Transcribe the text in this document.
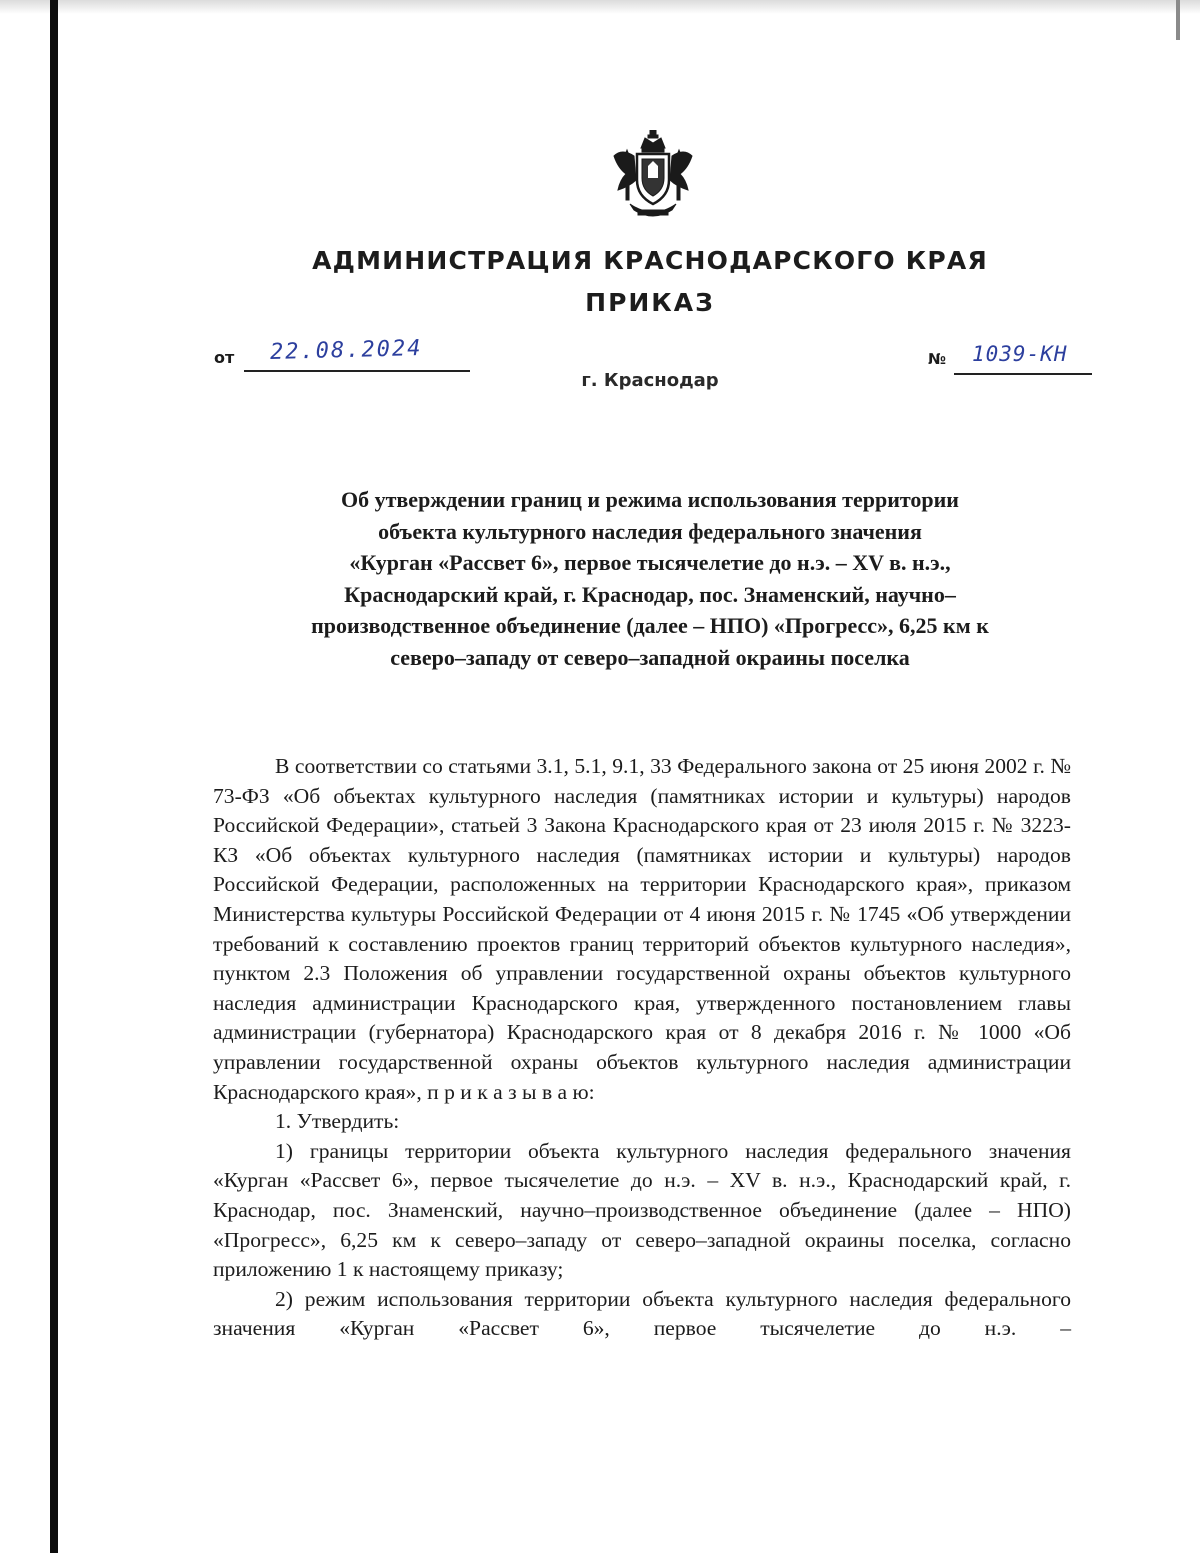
АДМИНИСТРАЦИЯ КРАСНОДАРСКОГО КРАЯ
ПРИКАЗ
от 22.08.2024	№ 1039-КН
г. Краснодар
Об утверждении границ и режима использования территории
объекта культурного наследия федерального значения
«Курган «Рассвет 6», первое тысячелетие до н.э. – XV в. н.э.,
Краснодарский край, г. Краснодар, пос. Знаменский, научно–
производственное объединение (далее – НПО) «Прогресс», 6,25 км к
северо–западу от северо–западной окраины поселка

В соответствии со статьями 3.1, 5.1, 9.1, 33 Федерального закона от 25 июня 2002 г. № 73-ФЗ «Об объектах культурного наследия (памятниках истории и культуры) народов Российской Федерации», статьей 3 Закона Краснодарского края от 23 июля 2015 г. № 3223-КЗ «Об объектах культурного наследия (памятниках истории и культуры) народов Российской Федерации, расположенных на территории Краснодарского края», приказом Министерства культуры Российской Федерации от 4 июня 2015 г. № 1745 «Об утверждении требований к составлению проектов границ территорий объектов культурного наследия», пунктом 2.3 Положения об управлении государственной охраны объектов культурного наследия администрации Краснодарского края, утвержденного постановлением главы администрации (губернатора) Краснодарского края от 8 декабря 2016 г. № 1000 «Об управлении государственной охраны объектов культурного наследия администрации Краснодарского края», п р и к а з ы в а ю:

1. Утвердить:

1) границы территории объекта культурного наследия федерального значения «Курган «Рассвет 6», первое тысячелетие до н.э. – XV в. н.э., Краснодарский край, г. Краснодар, пос. Знаменский, научно–производственное объединение (далее – НПО) «Прогресс», 6,25 км к северо–западу от северо–западной окраины поселка, согласно приложению 1 к настоящему приказу;

2) режим использования территории объекта культурного наследия федерального значения «Курган «Рассвет 6», первое тысячелетие до н.э. –
